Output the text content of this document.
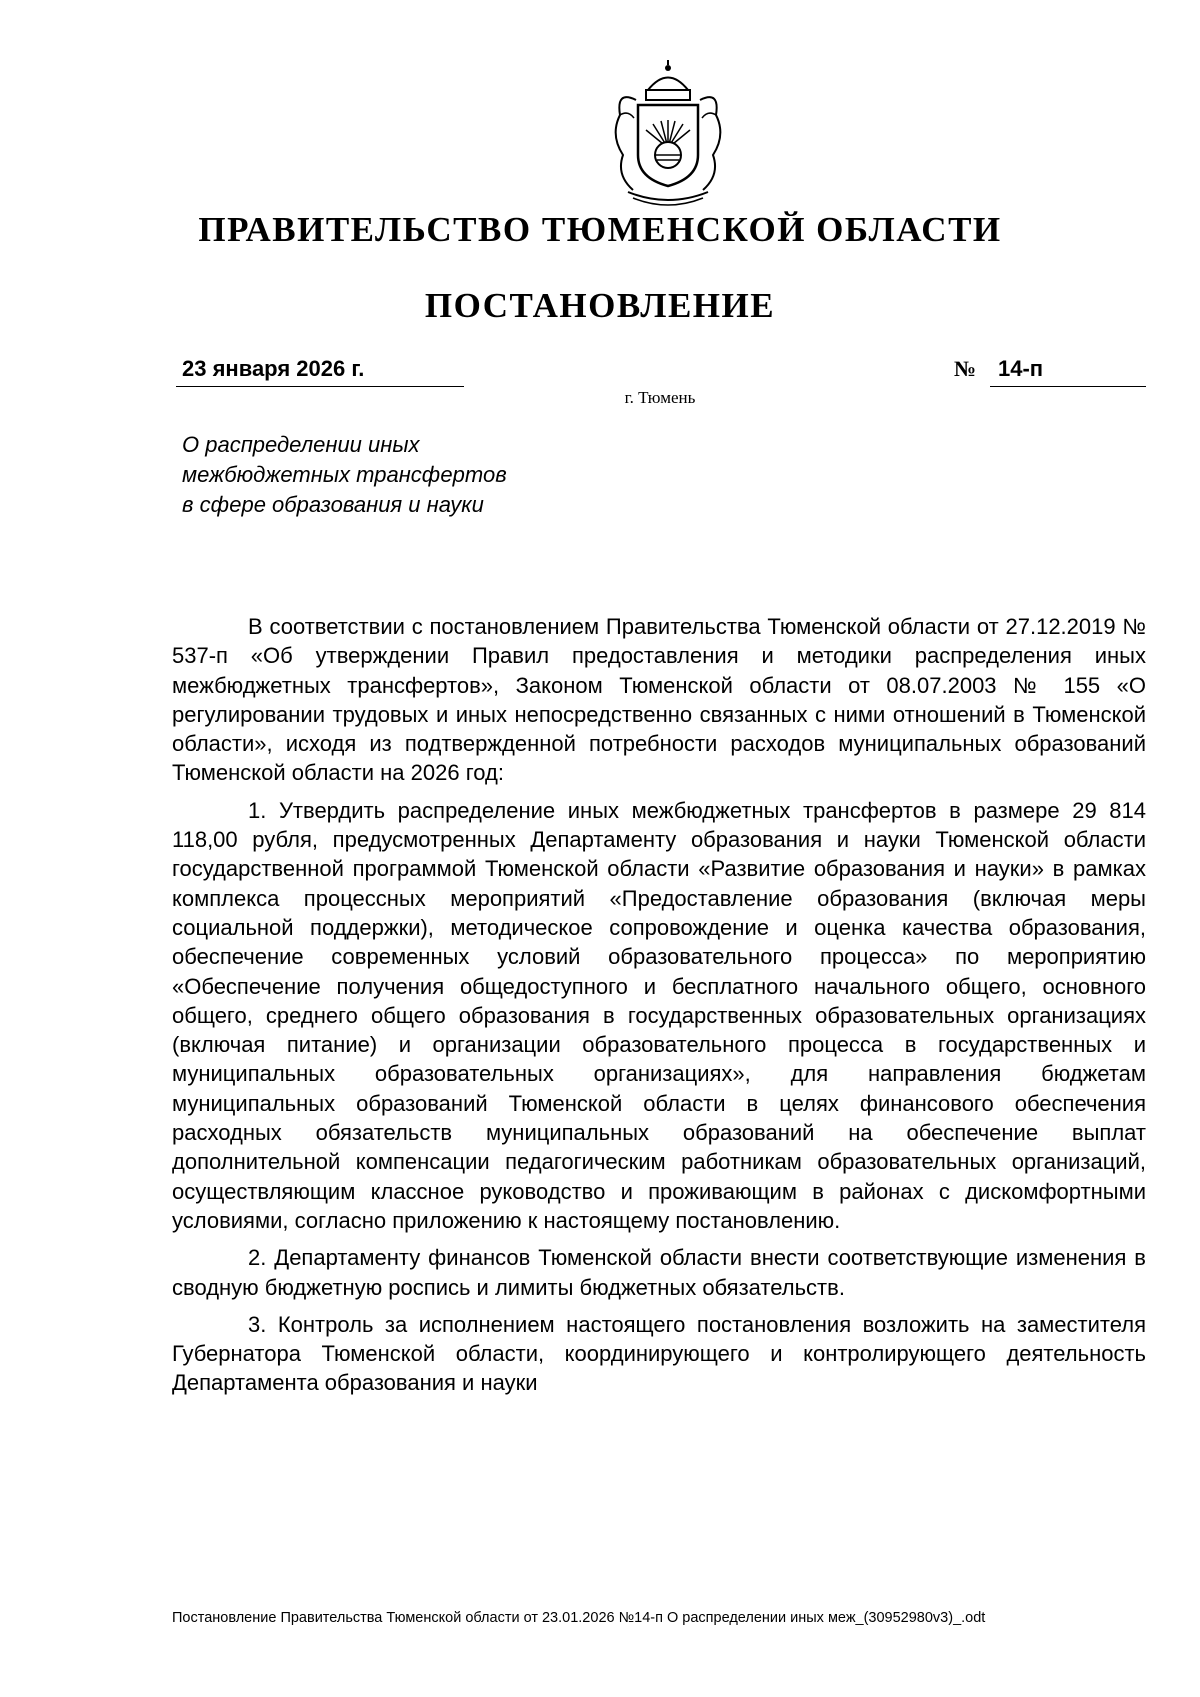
ПРАВИТЕЛЬСТВО ТЮМЕНСКОЙ ОБЛАСТИ
ПОСТАНОВЛЕНИЕ
23 января 2026 г.	№ 14-п
г. Тюмень
О распределении иных
межбюджетных трансфертов
в сфере образования и науки

В соответствии с постановлением Правительства Тюменской области от 27.12.2019 № 537-п «Об утверждении Правил предоставления и методики распределения иных межбюджетных трансфертов», Законом Тюменской области от 08.07.2003 № 155 «О регулировании трудовых и иных непосредственно связанных с ними отношений в Тюменской области», исходя из подтвержденной потребности расходов муниципальных образований Тюменской области на 2026 год:

1. Утвердить распределение иных межбюджетных трансфертов в размере 29 814 118,00 рубля, предусмотренных Департаменту образования и науки Тюменской области государственной программой Тюменской области «Развитие образования и науки» в рамках комплекса процессных мероприятий «Предоставление образования (включая меры социальной поддержки), методическое сопровождение и оценка качества образования, обеспечение современных условий образовательного процесса» по мероприятию «Обеспечение получения общедоступного и бесплатного начального общего, основного общего, среднего общего образования в государственных образовательных организациях (включая питание) и организации образовательного процесса в государственных и муниципальных образовательных организациях», для направления бюджетам муниципальных образований Тюменской области в целях финансового обеспечения расходных обязательств муниципальных образований на обеспечение выплат дополнительной компенсации педагогическим работникам образовательных организаций, осуществляющим классное руководство и проживающим в районах с дискомфортными условиями, согласно приложению к настоящему постановлению.

2. Департаменту финансов Тюменской области внести соответствующие изменения в сводную бюджетную роспись и лимиты бюджетных обязательств.

3. Контроль за исполнением настоящего постановления возложить на заместителя Губернатора Тюменской области, координирующего и контролирующего деятельность Департамента образования и науки

Постановление Правительства Тюменской области от 23.01.2026 №14-п О распределении иных меж_(30952980v3)_.odt
